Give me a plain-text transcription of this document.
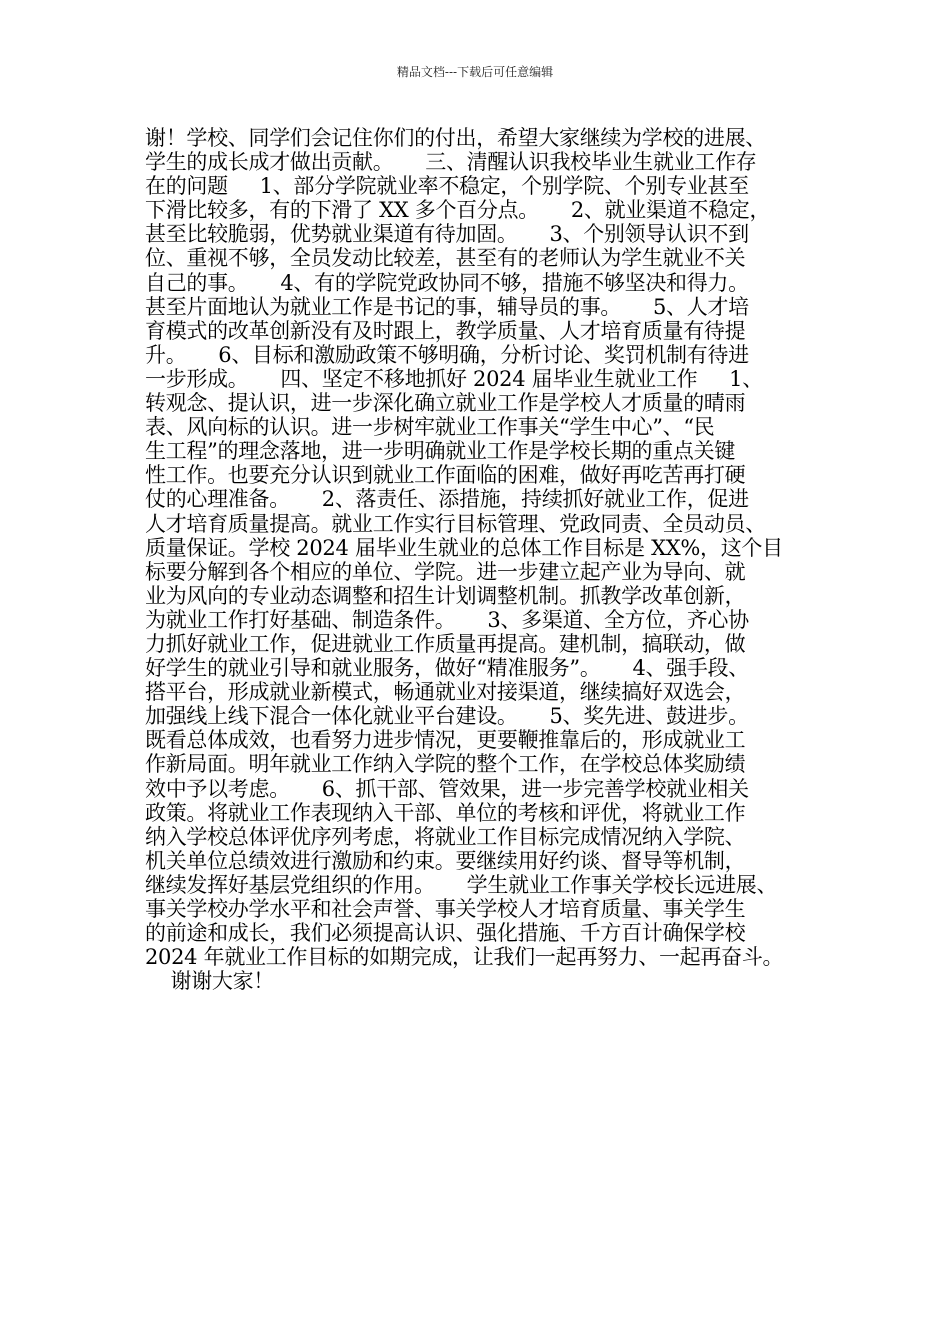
精品文档---下载后可任意编辑
谢！学校、同学们会记住你们的付出，希望大家继续为学校的进展、
学生的成长成才做出贡献。     三、清醒认识我校毕业生就业工作存
在的问题     1、部分学院就业率不稳定，个别学院、个别专业甚至
下滑比较多，有的下滑了 XX 多个百分点。     2、就业渠道不稳定，
甚至比较脆弱，优势就业渠道有待加固。     3、个别领导认识不到
位、重视不够，全员发动比较差，甚至有的老师认为学生就业不关
自己的事。     4、有的学院党政协同不够，措施不够坚决和得力。
甚至片面地认为就业工作是书记的事，辅导员的事。     5、人才培
育模式的改革创新没有及时跟上，教学质量、人才培育质量有待提
升。     6、目标和激励政策不够明确，分析讨论、奖罚机制有待进
一步形成。     四、坚定不移地抓好 2024 届毕业生就业工作     1、
转观念、提认识，进一步深化确立就业工作是学校人才质量的晴雨
表、风向标的认识。进一步树牢就业工作事关“学生中心”、“民
生工程”的理念落地，进一步明确就业工作是学校长期的重点关键
性工作。也要充分认识到就业工作面临的困难，做好再吃苦再打硬
仗的心理准备。     2、落责任、添措施，持续抓好就业工作，促进
人才培育质量提高。就业工作实行目标管理、党政同责、全员动员、
质量保证。学校 2024 届毕业生就业的总体工作目标是 XX%，这个目
标要分解到各个相应的单位、学院。进一步建立起产业为导向、就
业为风向的专业动态调整和招生计划调整机制。抓教学改革创新，
为就业工作打好基础、制造条件。     3、多渠道、全方位，齐心协
力抓好就业工作，促进就业工作质量再提高。建机制，搞联动，做
好学生的就业引导和就业服务，做好“精准服务”。     4、强手段、
搭平台，形成就业新模式，畅通就业对接渠道，继续搞好双选会，
加强线上线下混合一体化就业平台建设。     5、奖先进、鼓进步。
既看总体成效，也看努力进步情况，更要鞭推靠后的，形成就业工
作新局面。明年就业工作纳入学院的整个工作，在学校总体奖励绩
效中予以考虑。     6、抓干部、管效果，进一步完善学校就业相关
政策。将就业工作表现纳入干部、单位的考核和评优，将就业工作
纳入学校总体评优序列考虑，将就业工作目标完成情况纳入学院、
机关单位总绩效进行激励和约束。要继续用好约谈、督导等机制，
继续发挥好基层党组织的作用。     学生就业工作事关学校长远进展、
事关学校办学水平和社会声誉、事关学校人才培育质量、事关学生
的前途和成长，我们必须提高认识、强化措施、千方百计确保学校
2024 年就业工作目标的如期完成，让我们一起再努力、一起再奋斗。
谢谢大家！
